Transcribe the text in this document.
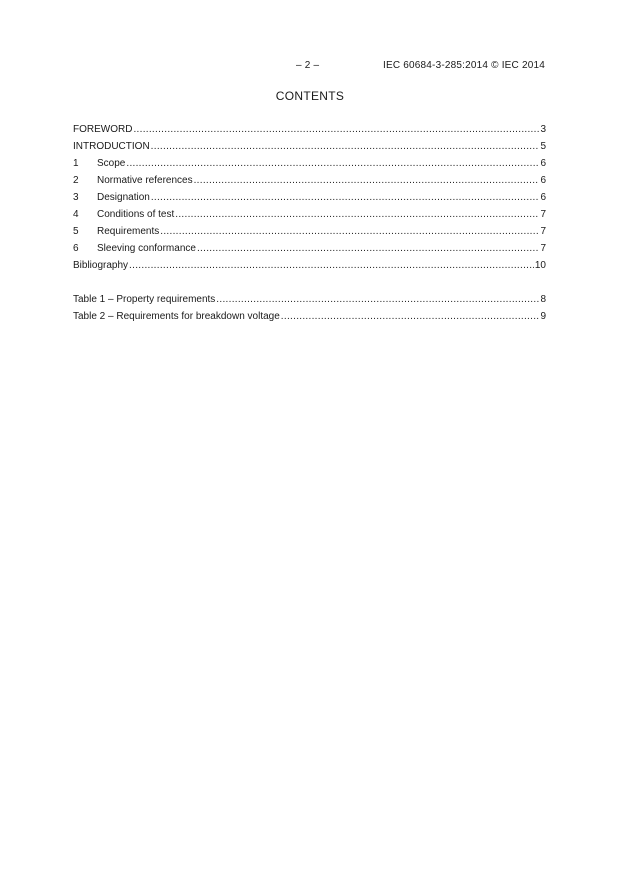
– 2 –	IEC 60684-3-285:2014 © IEC 2014
CONTENTS
FOREWORD .....	3
INTRODUCTION .....	5
1	Scope .....	6
2	Normative references .....	6
3	Designation .....	6
4	Conditions of test .....	7
5	Requirements .....	7
6	Sleeving conformance .....	7
Bibliography .....	10
Table 1 – Property requirements .....	8
Table 2 – Requirements for breakdown voltage .....	9
